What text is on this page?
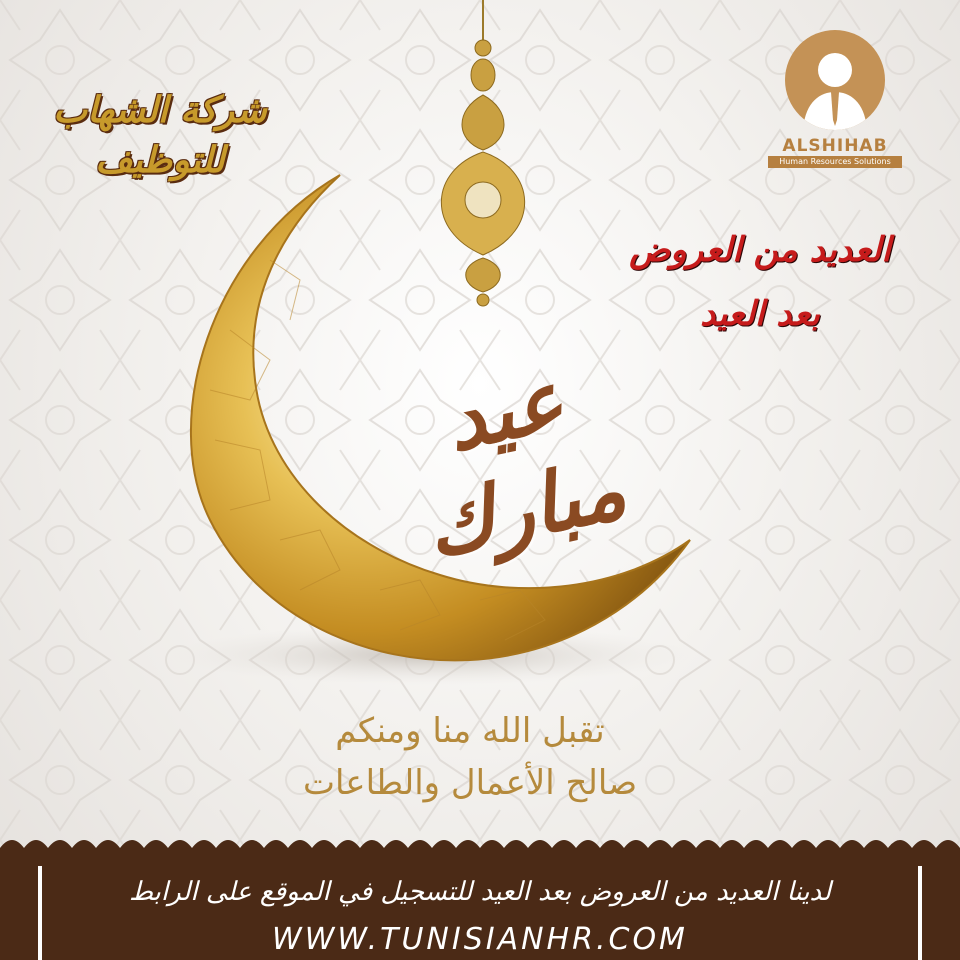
شركة الشهاب
للتوظيف	ALSHIHAB
Human Resources Solutions
العديد من العروض
بعد العيد
عيد مبارك
تقبل الله منا ومنكم
صالح الأعمال والطاعات
لدينا العديد من العروض بعد العيد للتسجيل في الموقع على الرابط
WWW.TUNISIANHR.COM
